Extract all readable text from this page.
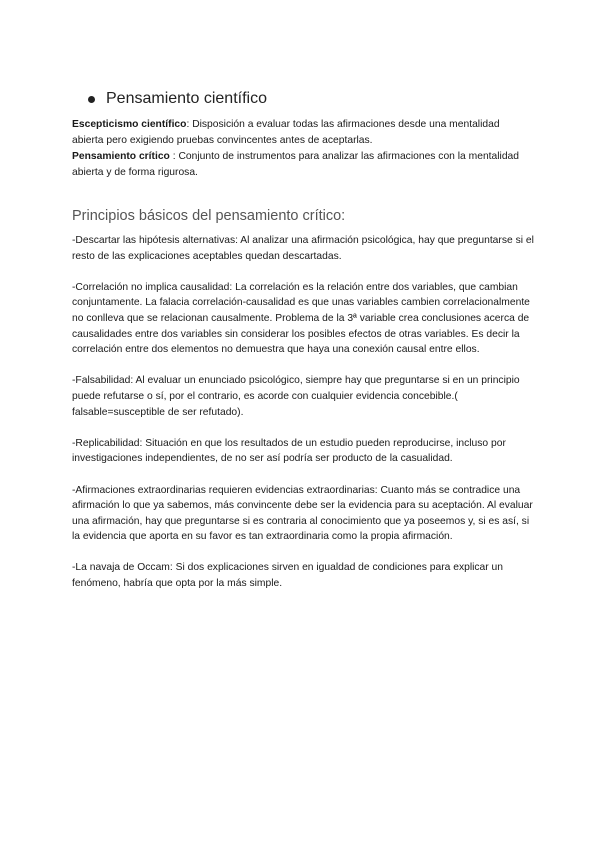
Pensamiento científico

Escepticismo científico: Disposición a evaluar todas las afirmaciones desde una mentalidad abierta pero exigiendo pruebas convincentes antes de aceptarlas.

Pensamiento crítico : Conjunto de instrumentos para analizar las afirmaciones con la mentalidad abierta y de forma rigurosa.

Principios básicos del pensamiento crítico:

-Descartar las hipótesis alternativas: Al analizar una afirmación psicológica, hay que preguntarse si el resto de las explicaciones aceptables quedan descartadas.

-Correlación no implica causalidad: La correlación es la relación entre dos variables, que cambian conjuntamente. La falacia correlación-causalidad es que unas variables cambien correlacionalmente no conlleva que se relacionan causalmente. Problema de la 3ª variable crea conclusiones acerca de causalidades entre dos variables sin considerar los posibles efectos de otras variables. Es decir la correlación entre dos elementos no demuestra que haya una conexión causal entre ellos.

-Falsabilidad: Al evaluar un enunciado psicológico, siempre hay que preguntarse si en un principio puede refutarse o sí, por el contrario, es acorde con cualquier evidencia concebible.( falsable=susceptible de ser refutado).

-Replicabilidad: Situación en que los resultados de un estudio pueden reproducirse, incluso por investigaciones independientes, de no ser así podría ser producto de la casualidad.

-Afirmaciones extraordinarias requieren evidencias extraordinarias: Cuanto más se contradice una afirmación lo que ya sabemos, más convincente debe ser la evidencia para su aceptación. Al evaluar una afirmación, hay que preguntarse si es contraria al conocimiento que ya poseemos y, si es así, si la evidencia que aporta en su favor es tan extraordinaria como la propia afirmación.

-La navaja de Occam: Si dos explicaciones sirven en igualdad de condiciones para explicar un fenómeno, habría que opta por la más simple.
